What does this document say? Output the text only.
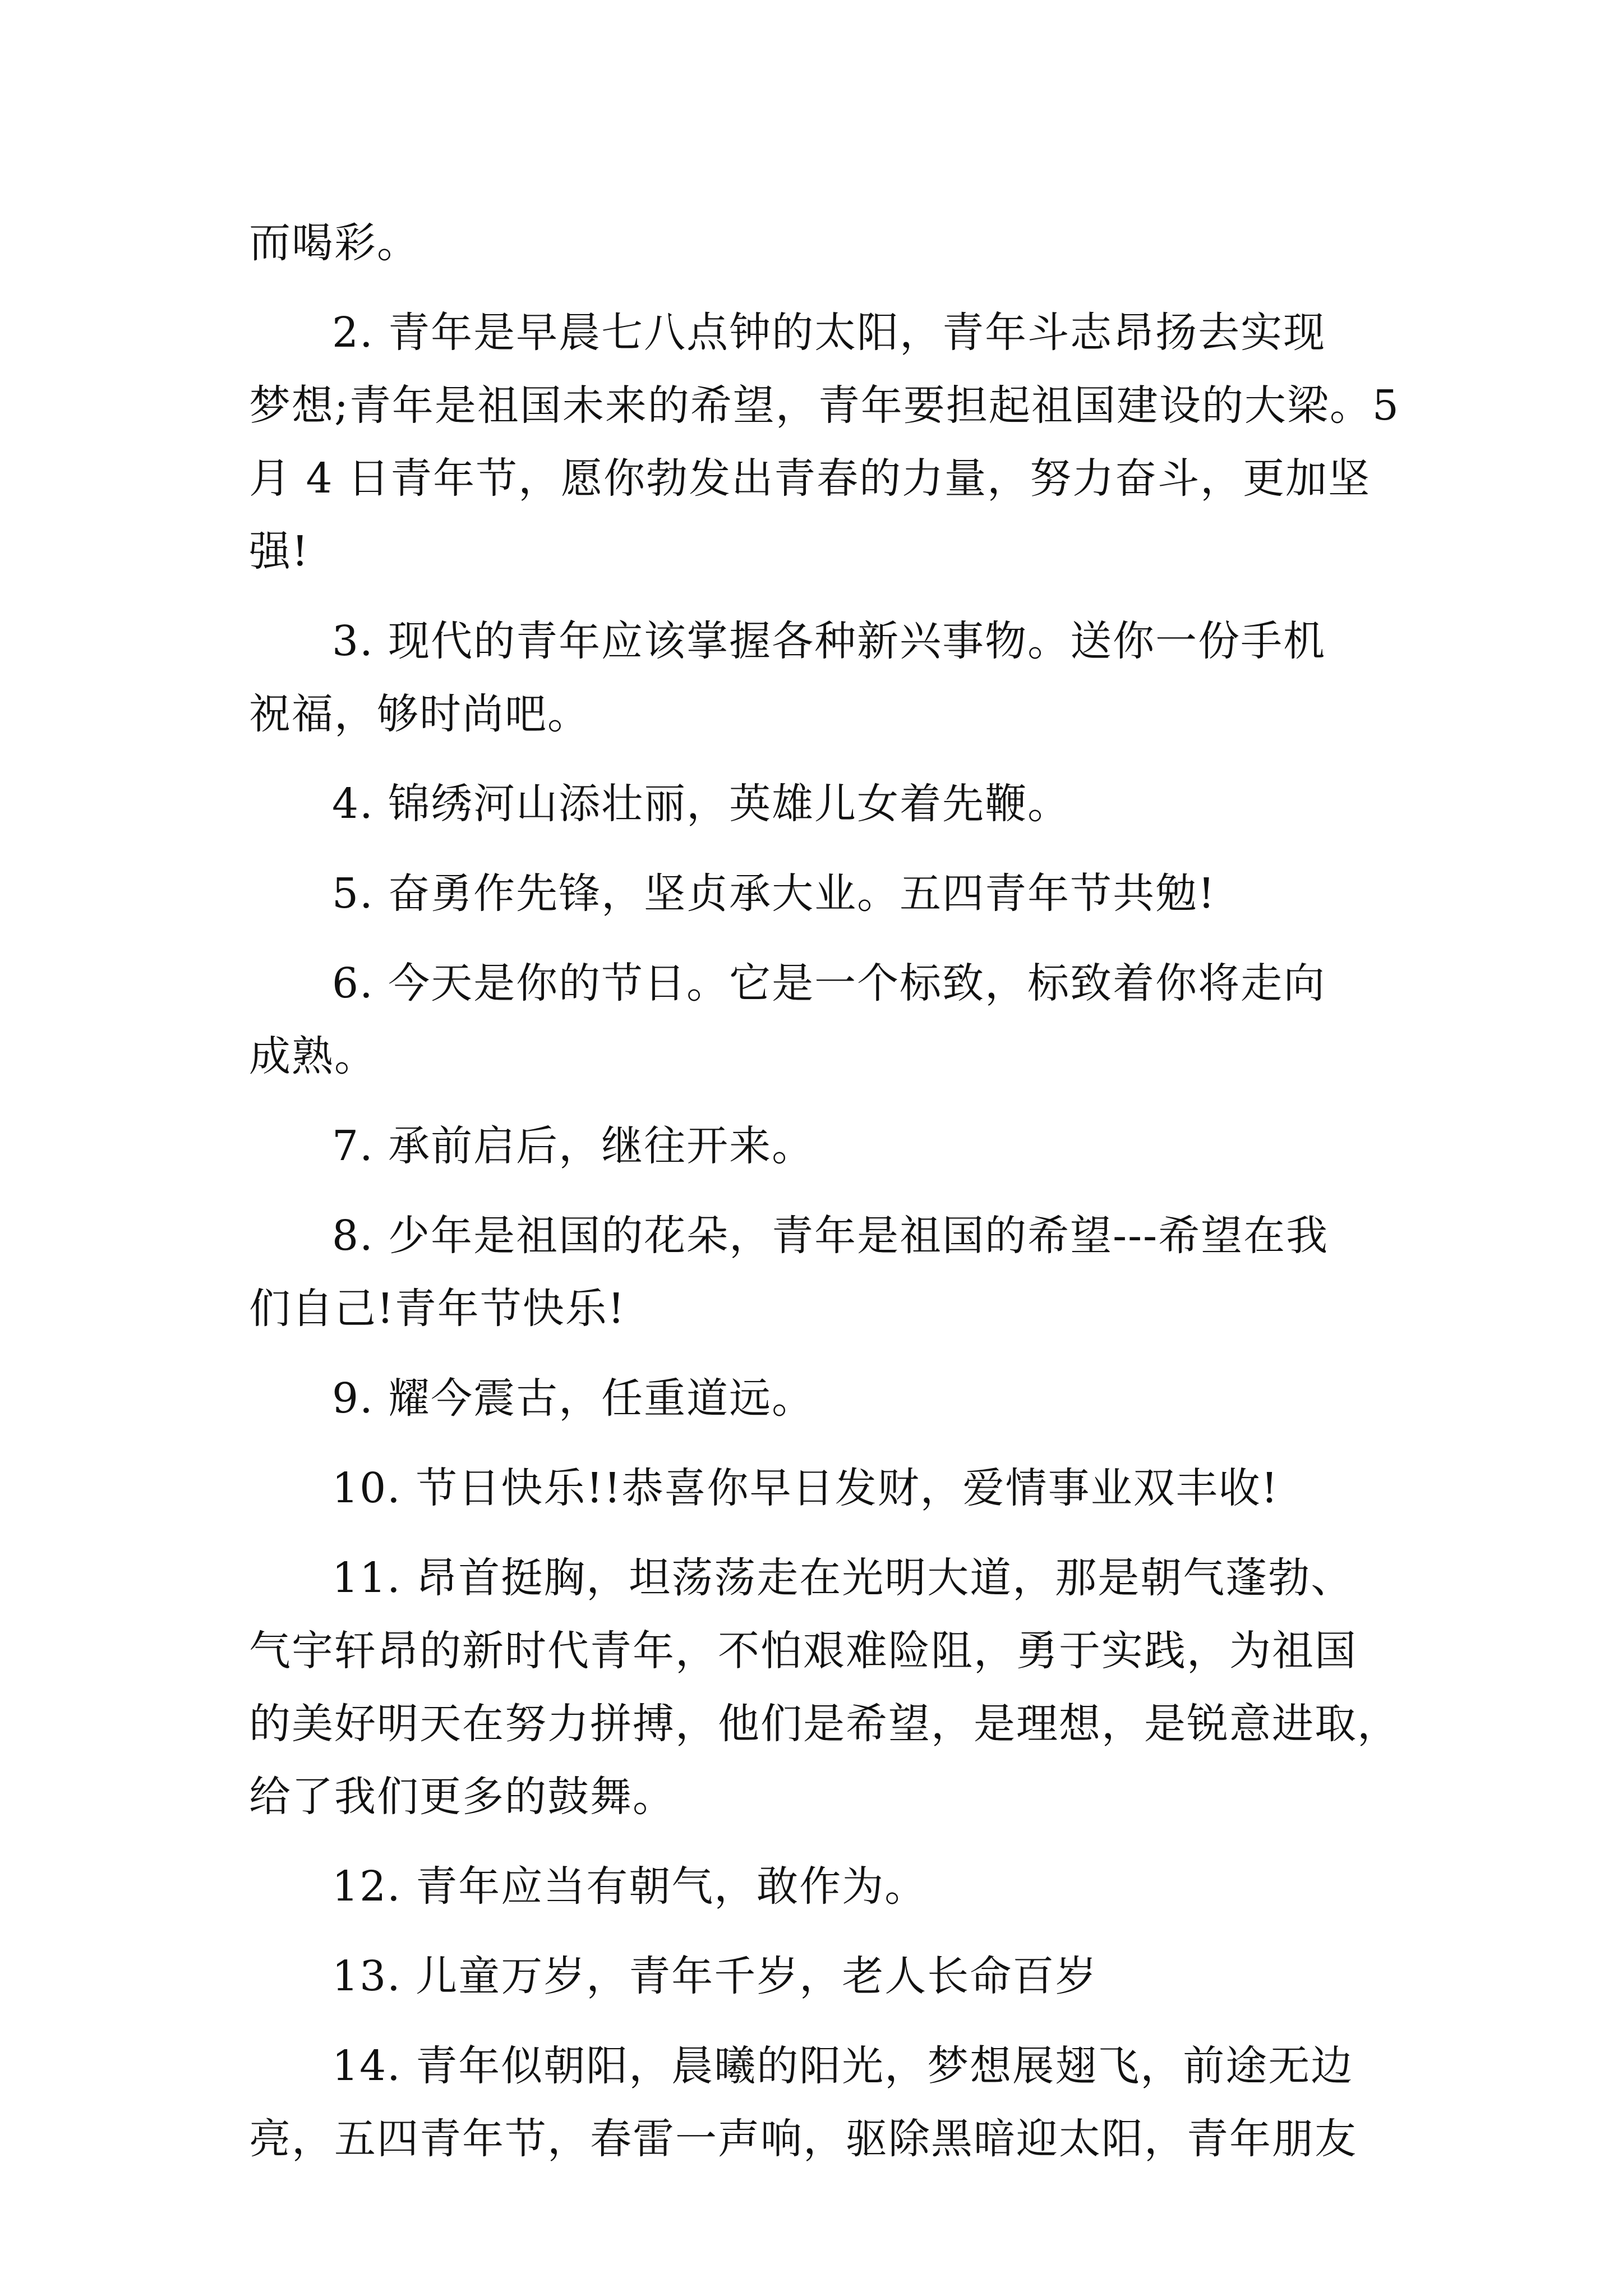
而喝彩。
2. 青年是早晨七八点钟的太阳，青年斗志昂扬去实现
梦想;青年是祖国未来的希望，青年要担起祖国建设的大梁。5
月 4 日青年节，愿你勃发出青春的力量，努力奋斗，更加坚
强!
3. 现代的青年应该掌握各种新兴事物。送你一份手机
祝福，够时尚吧。
4. 锦绣河山添壮丽，英雄儿女着先鞭。
5. 奋勇作先锋，坚贞承大业。五四青年节共勉!
6. 今天是你的节日。它是一个标致，标致着你将走向
成熟。
7. 承前启后，继往开来。
8. 少年是祖国的花朵，青年是祖国的希望---希望在我
们自己!青年节快乐!
9. 耀今震古，任重道远。
10. 节日快乐!!恭喜你早日发财，爱情事业双丰收!
11. 昂首挺胸，坦荡荡走在光明大道，那是朝气蓬勃、
气宇轩昂的新时代青年，不怕艰难险阻，勇于实践，为祖国
的美好明天在努力拼搏，他们是希望，是理想，是锐意进取，
给了我们更多的鼓舞。
12. 青年应当有朝气，敢作为。
13. 儿童万岁，青年千岁，老人长命百岁
14. 青年似朝阳，晨曦的阳光，梦想展翅飞，前途无边
亮，五四青年节，春雷一声响，驱除黑暗迎太阳，青年朋友
